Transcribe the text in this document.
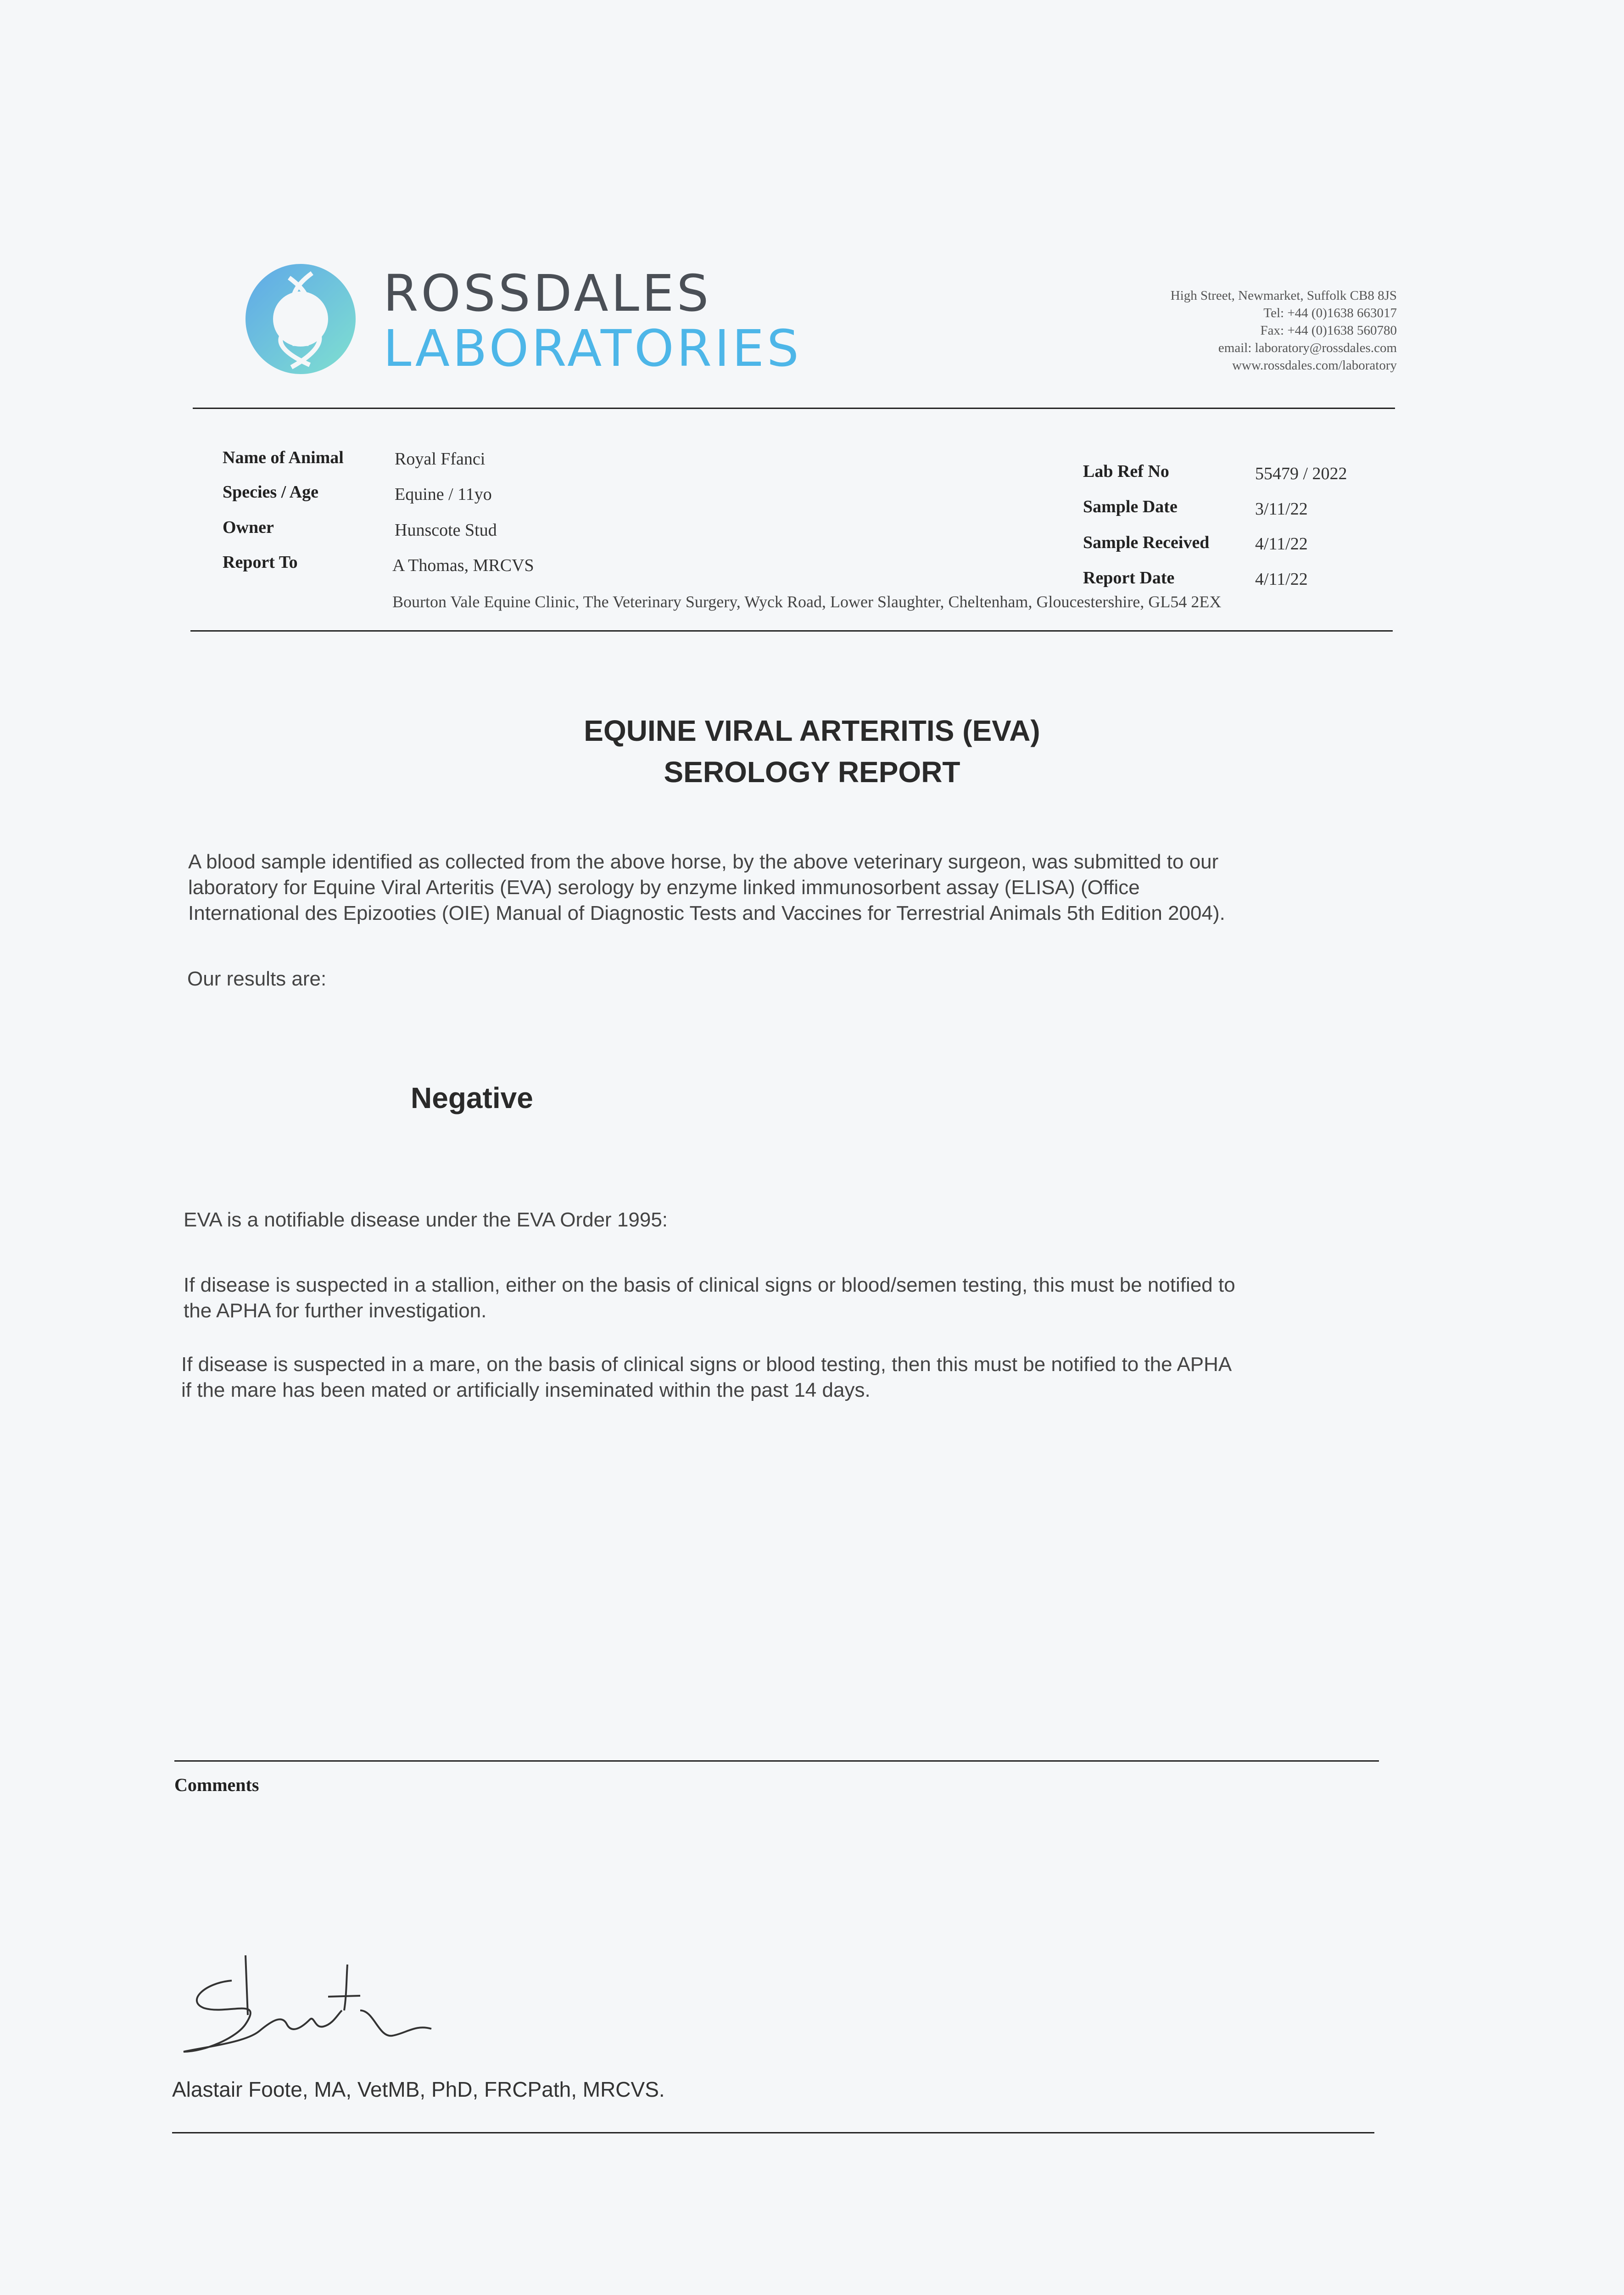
ROSSDALES
LABORATORIES
High Street, Newmarket, Suffolk CB8 8JS
Tel: +44 (0)1638 663017
Fax: +44 (0)1638 560780
email: laboratory@rossdales.com
www.rossdales.com/laboratory
Name of Animal	Royal Ffanci
Species / Age	Equine / 11yo
Owner	Hunscote Stud
Report To	A Thomas, MRCVS
Bourton Vale Equine Clinic, The Veterinary Surgery, Wyck Road, Lower Slaughter, Cheltenham, Gloucestershire, GL54 2EX
Lab Ref No	55479 / 2022
Sample Date	3/11/22
Sample Received	4/11/22
Report Date	4/11/22
EQUINE VIRAL ARTERITIS (EVA)
SEROLOGY REPORT
A blood sample identified as collected from the above horse, by the above veterinary surgeon, was submitted to our
laboratory for Equine Viral Arteritis (EVA) serology by enzyme linked immunosorbent assay (ELISA) (Office
International des Epizooties (OIE) Manual of Diagnostic Tests and Vaccines for Terrestrial Animals 5th Edition 2004).
Our results are:
Negative
EVA is a notifiable disease under the EVA Order 1995:
If disease is suspected in a stallion, either on the basis of clinical signs or blood/semen testing, this must be notified to
the APHA for further investigation.
If disease is suspected in a mare, on the basis of clinical signs or blood testing, then this must be notified to the APHA
if the mare has been mated or artificially inseminated within the past 14 days.
Comments
Alastair Foote, MA, VetMB, PhD, FRCPath, MRCVS.
